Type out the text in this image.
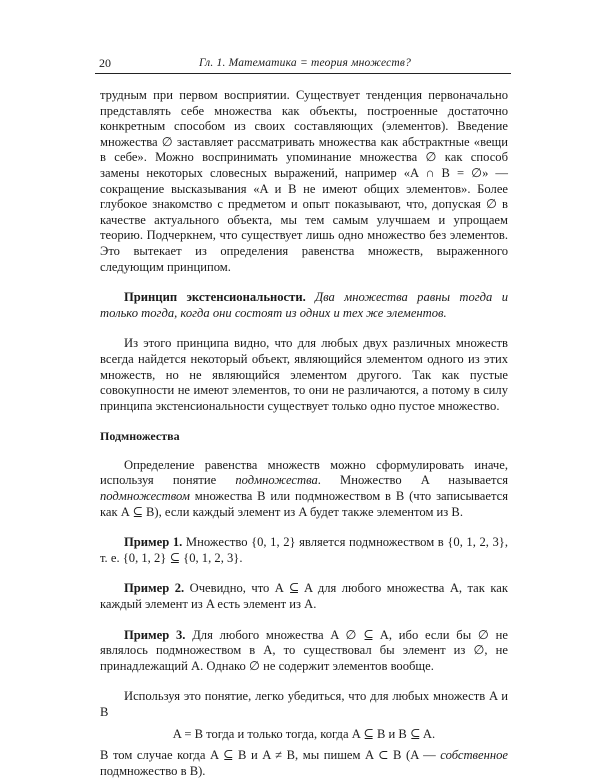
20	Гл. 1. Математика = теория множеств?

трудным при первом восприятии. Существует тенденция первоначально представлять себе множества как объекты, построенные достаточно конкретным способом из своих составляющих (элементов). Введение множества ∅ заставляет рассматривать множества как абстрактные «вещи в себе». Можно воспринимать упоминание множества ∅ как способ замены некоторых словесных выражений, например «A ∩ B = ∅» — сокращение высказывания «A и B не имеют общих элементов». Более глубокое знакомство с предметом и опыт показывают, что, допуская ∅ в качестве актуального объекта, мы тем самым улучшаем и упрощаем теорию. Подчеркнем, что существует лишь одно множество без элементов. Это вытекает из определения равенства множеств, выраженного следующим принципом.

Принцип экстенсиональности. Два множества равны тогда и только тогда, когда они состоят из одних и тех же элементов.

Из этого принципа видно, что для любых двух различных множеств всегда найдется некоторый объект, являющийся элементом одного из этих множеств, но не являющийся элементом другого. Так как пустые совокупности не имеют элементов, то они не различаются, а потому в силу принципа экстенсиональности существует только одно пустое множество.

Подмножества

Определение равенства множеств можно сформулировать иначе, используя понятие подмножества. Множество A называется подмножеством множества B или подмножеством в B (что записывается как A ⊆ B), если каждый элемент из A будет также элементом из B.

Пример 1. Множество {0, 1, 2} является подмножеством в {0, 1, 2, 3}, т. е. {0, 1, 2} ⊆ {0, 1, 2, 3}.

Пример 2. Очевидно, что A ⊆ A для любого множества A, так как каждый элемент из A есть элемент из A.

Пример 3. Для любого множества A ∅ ⊆ A, ибо если бы ∅ не являлось подмножеством в A, то существовал бы элемент из ∅, не принадлежащий A. Однако ∅ не содержит элементов вообще.

Используя это понятие, легко убедиться, что для любых множеств A и B

A = B тогда и только тогда, когда A ⊆ B и B ⊆ A.

В том случае когда A ⊆ B и A ≠ B, мы пишем A ⊂ B (A — собственное подмножество в B).
